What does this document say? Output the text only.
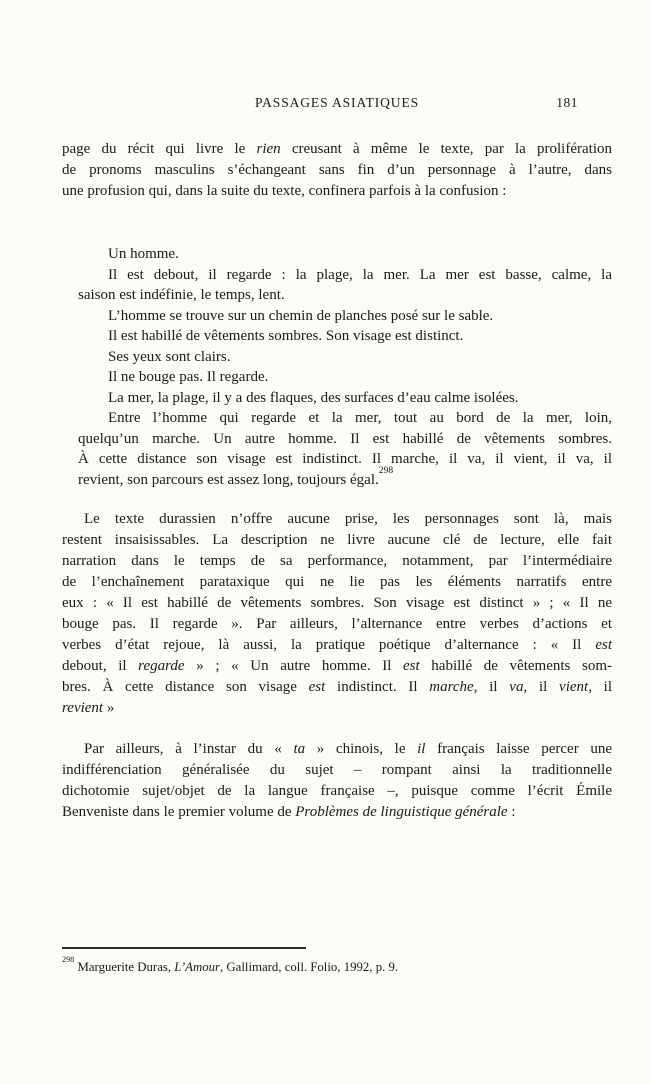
PASSAGES ASIATIQUES	181
page du récit qui livre le rien creusant à même le texte, par la prolifération
de pronoms masculins s’échangeant sans fin d’un personnage à l’autre, dans
une profusion qui, dans la suite du texte, confinera parfois à la confusion :
Un homme.
Il est debout, il regarde : la plage, la mer. La mer est basse, calme, la
saison est indéfinie, le temps, lent.
L’homme se trouve sur un chemin de planches posé sur le sable.
Il est habillé de vêtements sombres. Son visage est distinct.
Ses yeux sont clairs.
Il ne bouge pas. Il regarde.
La mer, la plage, il y a des flaques, des surfaces d’eau calme isolées.
Entre l’homme qui regarde et la mer, tout au bord de la mer, loin,
quelqu’un marche. Un autre homme. Il est habillé de vêtements sombres.
À cette distance son visage est indistinct. Il marche, il va, il vient, il va, il
revient, son parcours est assez long, toujours égal.$^{298}$
Le texte durassien n’offre aucune prise, les personnages sont là, mais
restent insaisissables. La description ne livre aucune clé de lecture, elle fait
narration dans le temps de sa performance, notamment, par l’intermédiaire
de l’enchaînement parataxique qui ne lie pas les éléments narratifs entre
eux : « Il est habillé de vêtements sombres. Son visage est distinct » ; « Il ne
bouge pas. Il regarde ». Par ailleurs, l’alternance entre verbes d’actions et
verbes d’état rejoue, là aussi, la pratique poétique d’alternance : « Il est
debout, il regarde » ; « Un autre homme. Il est habillé de vêtements som-
bres. À cette distance son visage est indistinct. Il marche, il va, il vient, il
revient »
Par ailleurs, à l’instar du « ta » chinois, le il français laisse percer une
indifférenciation généralisée du sujet – rompant ainsi la traditionnelle
dichotomie sujet/objet de la langue française –, puisque comme l’écrit Émile
Benveniste dans le premier volume de Problèmes de linguistique générale :
$^{298}$ Marguerite Duras, L’Amour, Gallimard, coll. Folio, 1992, p. 9.
